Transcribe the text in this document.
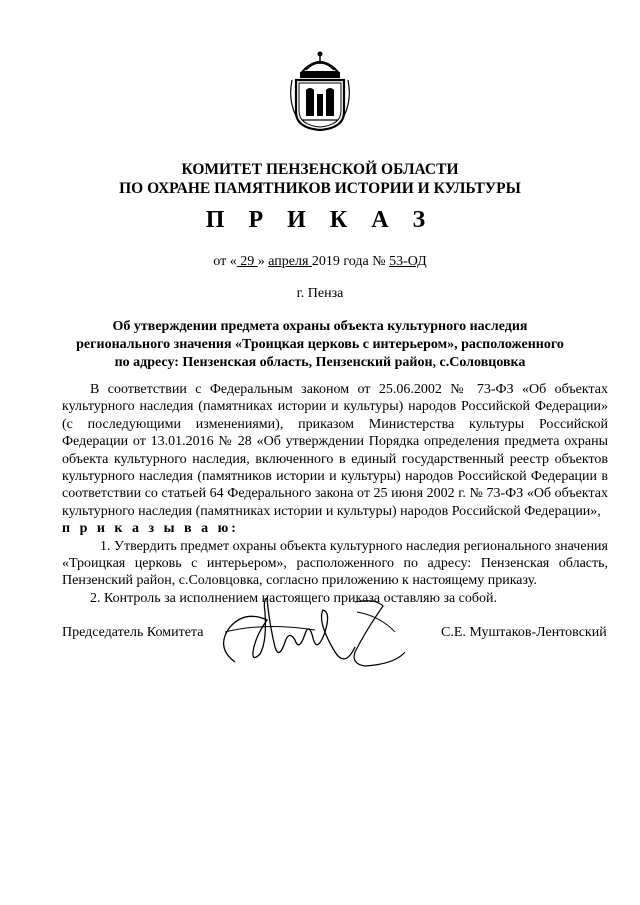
КОМИТЕТ ПЕНЗЕНСКОЙ ОБЛАСТИ
ПО ОХРАНЕ ПАМЯТНИКОВ ИСТОРИИ И КУЛЬТУРЫ
П Р И К А З
от « 29 » апреля 2019 года № 53-ОД
г. Пенза
Об утверждении предмета охраны объекта культурного наследия регионального значения «Троицкая церковь с интерьером», расположенного по адресу: Пензенская область, Пензенский район, с.Соловцовка

В соответствии с Федеральным законом от 25.06.2002 № 73-ФЗ «Об объектах культурного наследия (памятниках истории и культуры) народов Российской Федерации» (с последующими изменениями), приказом Министерства культуры Российской Федерации от 13.01.2016 № 28 «Об утверждении Порядка определения предмета охраны объекта культурного наследия, включенного в единый государственный реестр объектов культурного наследия (памятников истории и культуры) народов Российской Федерации в соответствии со статьей 64 Федерального закона от 25 июня 2002 г. № 73-ФЗ «Об объектах культурного наследия (памятниках истории и культуры) народов Российской Федерации»,

п р и к а з ы в а ю:

1. Утвердить предмет охраны объекта культурного наследия регионального значения «Троицкая церковь с интерьером», расположенного по адресу: Пензенская область, Пензенский район, с.Соловцовка, согласно приложению к настоящему приказу.

2. Контроль за исполнением настоящего приказа оставляю за собой.

Председатель Комитета	С.Е. Муштаков-Лентовский
